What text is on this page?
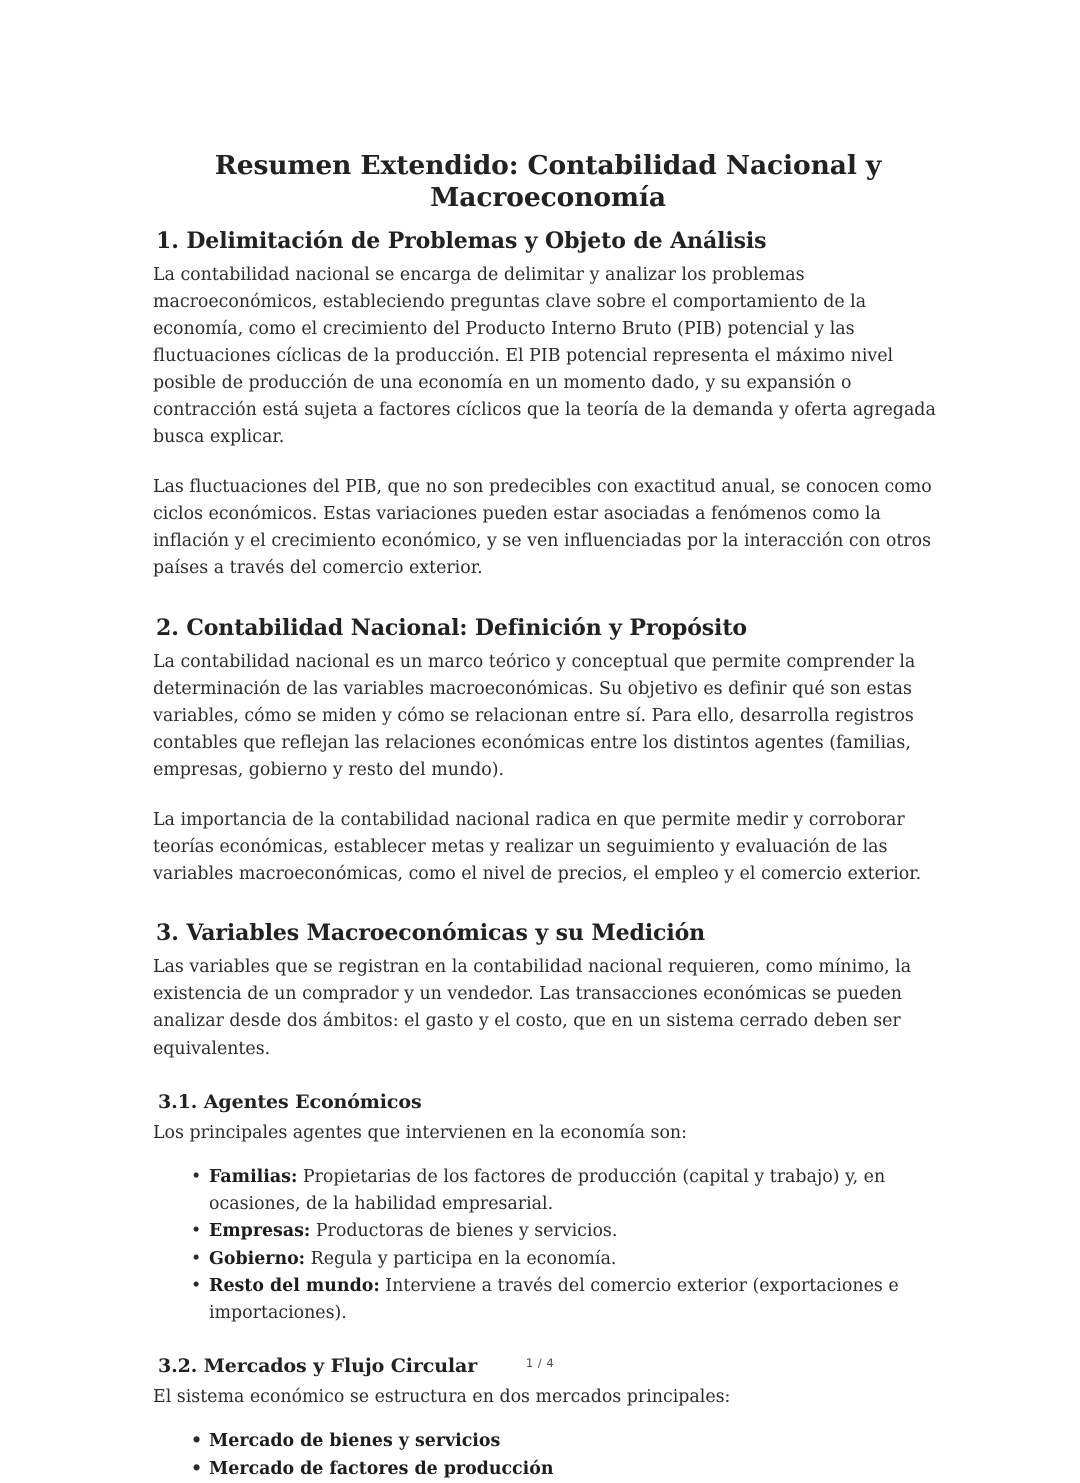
Resumen Extendido: Contabilidad Nacional y Macroeconomía
1. Delimitación de Problemas y Objeto de Análisis

La contabilidad nacional se encarga de delimitar y analizar los problemas macroeconómicos, estableciendo preguntas clave sobre el comportamiento de la economía, como el crecimiento del Producto Interno Bruto (PIB) potencial y las fluctuaciones cíclicas de la producción. El PIB potencial representa el máximo nivel posible de producción de una economía en un momento dado, y su expansión o contracción está sujeta a factores cíclicos que la teoría de la demanda y oferta agregada busca explicar.

Las fluctuaciones del PIB, que no son predecibles con exactitud anual, se conocen como ciclos económicos. Estas variaciones pueden estar asociadas a fenómenos como la inflación y el crecimiento económico, y se ven influenciadas por la interacción con otros países a través del comercio exterior.

2. Contabilidad Nacional: Definición y Propósito

La contabilidad nacional es un marco teórico y conceptual que permite comprender la determinación de las variables macroeconómicas. Su objetivo es definir qué son estas variables, cómo se miden y cómo se relacionan entre sí. Para ello, desarrolla registros contables que reflejan las relaciones económicas entre los distintos agentes (familias, empresas, gobierno y resto del mundo).

La importancia de la contabilidad nacional radica en que permite medir y corroborar teorías económicas, establecer metas y realizar un seguimiento y evaluación de las variables macroeconómicas, como el nivel de precios, el empleo y el comercio exterior.

3. Variables Macroeconómicas y su Medición

Las variables que se registran en la contabilidad nacional requieren, como mínimo, la existencia de un comprador y un vendedor. Las transacciones económicas se pueden analizar desde dos ámbitos: el gasto y el costo, que en un sistema cerrado deben ser equivalentes.

3.1. Agentes Económicos

Los principales agentes que intervienen en la economía son:

• Familias: Propietarias de los factores de producción (capital y trabajo) y, en ocasiones, de la habilidad empresarial.
• Empresas: Productoras de bienes y servicios.
• Gobierno: Regula y participa en la economía.
• Resto del mundo: Interviene a través del comercio exterior (exportaciones e importaciones).
3.2. Mercados y Flujo Circular

El sistema económico se estructura en dos mercados principales:

• Mercado de bienes y servicios
• Mercado de factores de producción
1 / 4
